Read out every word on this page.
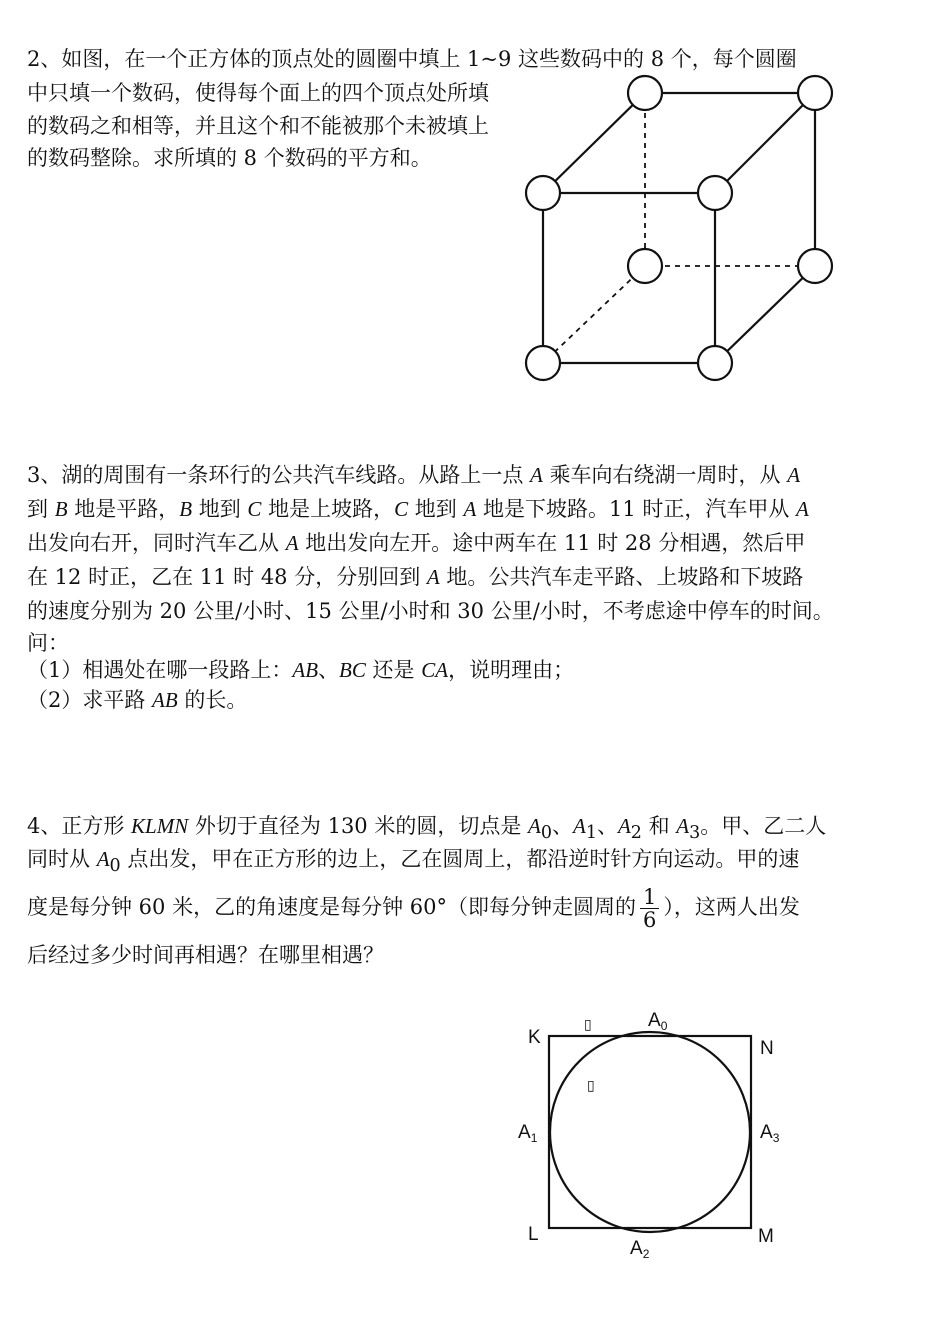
2、如图，在一个正方体的顶点处的圆圈中填上 1~9 这些数码中的 8 个，每个圆圈
中只填一个数码，使得每个面上的四个顶点处所填
的数码之和相等，并且这个和不能被那个未被填上
的数码整除。求所填的 8 个数码的平方和。
3、湖的周围有一条环行的公共汽车线路。从路上一点 A 乘车向右绕湖一周时，从 A
到 B 地是平路，B 地到 C 地是上坡路，C 地到 A 地是下坡路。11 时正，汽车甲从 A
出发向右开，同时汽车乙从 A 地出发向左开。途中两车在 11 时 28 分相遇，然后甲
在 12 时正，乙在 11 时 48 分，分别回到 A 地。公共汽车走平路、上坡路和下坡路
的速度分别为 20 公里/小时、15 公里/小时和 30 公里/小时，不考虑途中停车的时间。
问：
（1）相遇处在哪一段路上：AB、BC 还是 CA，说明理由；
（2）求平路 AB 的长。
4、正方形 KLMN 外切于直径为 130 米的圆，切点是 $A_0$、$A_1$、$A_2$ 和 $A_3$。甲、乙二人
同时从 $A_0$ 点出发，甲在正方形的边上，乙在圆周上，都沿逆时针方向运动。甲的速
度是每分钟 60 米，乙的角速度是每分钟 60°（即每分钟走圆周的 $\frac{1}{6}$ ），这两人出发
后经过多少时间再相遇？在哪里相遇？
K
N
L	M
$A_0$
$A_1$
$A_2$
$A_3$
▯
▯
